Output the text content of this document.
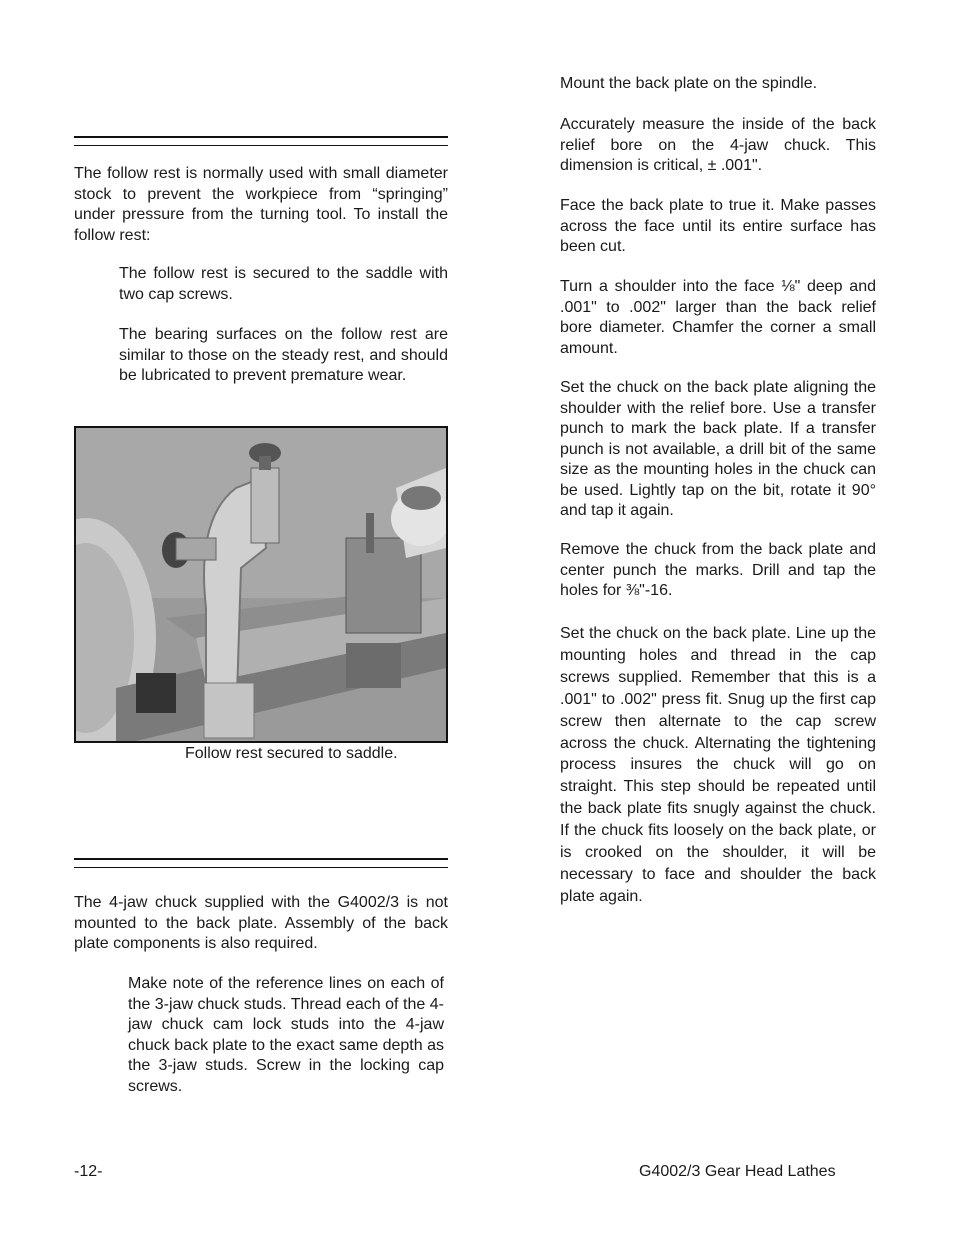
The follow rest is normally used with small diameter stock to prevent the workpiece from “springing” under pressure from the turning tool. To install the follow rest:

The follow rest is secured to the saddle with two cap screws.

The bearing surfaces on the follow rest are similar to those on the steady rest, and should be lubricated to prevent premature wear.

Follow rest secured to saddle.

The 4-jaw chuck supplied with the G4002/3 is not mounted to the back plate. Assembly of the back plate components is also required.

Make note of the reference lines on each of the 3-jaw chuck studs. Thread each of the 4-jaw chuck cam lock studs into the 4-jaw chuck back plate to the exact same depth as the 3-jaw studs. Screw in the locking cap screws.

Mount the back plate on the spindle.

Accurately measure the inside of the back relief bore on the 4-jaw chuck. This dimension is critical, ± .001".

Face the back plate to true it. Make passes across the face until its entire surface has been cut.

Turn a shoulder into the face ⅛" deep and .001" to .002" larger than the back relief bore diameter. Chamfer the corner a small amount.

Set the chuck on the back plate aligning the shoulder with the relief bore. Use a transfer punch to mark the back plate. If a transfer punch is not available, a drill bit of the same size as the mounting holes in the chuck can be used. Lightly tap on the bit, rotate it 90° and tap it again.

Remove the chuck from the back plate and center punch the marks. Drill and tap the holes for ⅜"-16.

Set the chuck on the back plate. Line up the mounting holes and thread in the cap screws supplied. Remember that this is a .001" to .002" press fit. Snug up the first cap screw then alternate to the cap screw across the chuck. Alternating the tightening process insures the chuck will go on straight. This step should be repeated until the back plate fits snugly against the chuck. If the chuck fits loosely on the back plate, or is crooked on the shoulder, it will be necessary to face and shoulder the back plate again.

-12-	G4002/3 Gear Head Lathes
